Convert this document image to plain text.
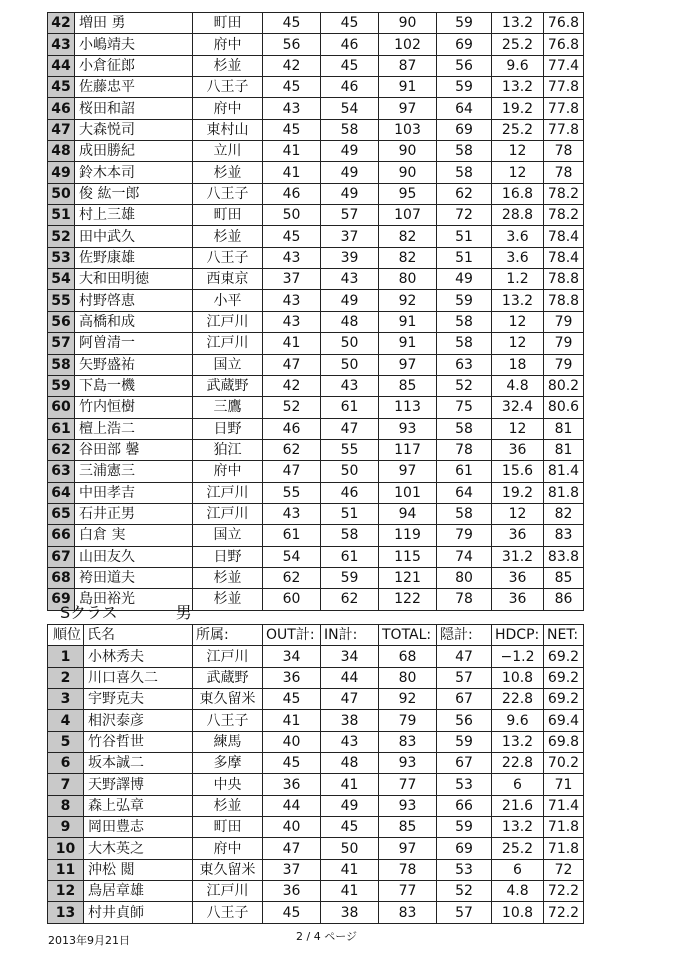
42	増田 勇	町田	45	45	90	59	13.2	76.8
43	小嶋靖夫	府中	56	46	102	69	25.2	76.8
44	小倉征郎	杉並	42	45	87	56	9.6	77.4
45	佐藤忠平	八王子	45	46	91	59	13.2	77.8
46	桜田和詔	府中	43	54	97	64	19.2	77.8
47	大森悦司	東村山	45	58	103	69	25.2	77.8
48	成田勝紀	立川	41	49	90	58	12	78
49	鈴木本司	杉並	41	49	90	58	12	78
50	俊 紘一郎	八王子	46	49	95	62	16.8	78.2
51	村上三雄	町田	50	57	107	72	28.8	78.2
52	田中武久	杉並	45	37	82	51	3.6	78.4
53	佐野康雄	八王子	43	39	82	51	3.6	78.4
54	大和田明徳	西東京	37	43	80	49	1.2	78.8
55	村野啓恵	小平	43	49	92	59	13.2	78.8
56	高橋和成	江戸川	43	48	91	58	12	79
57	阿曽清一	江戸川	41	50	91	58	12	79
58	矢野盛祐	国立	47	50	97	63	18	79
59	下島一機	武蔵野	42	43	85	52	4.8	80.2
60	竹内恒樹	三鷹	52	61	113	75	32.4	80.6
61	檀上浩二	日野	46	47	93	58	12	81
62	谷田部 馨	狛江	62	55	117	78	36	81
63	三浦憲三	府中	47	50	97	61	15.6	81.4
64	中田孝吉	江戸川	55	46	101	64	19.2	81.8
65	石井正男	江戸川	43	51	94	58	12	82
66	白倉 実	国立	61	58	119	79	36	83
67	山田友久	日野	54	61	115	74	31.2	83.8
68	袴田道夫	杉並	62	59	121	80	36	85
69	島田裕光	杉並	60	62	122	78	36	86
Sクラス	男
順位	氏名	所属:	OUT計:	IN計:	TOTAL:	隠計:	HDCP:	NET:
1	小林秀夫	江戸川	34	34	68	47	−1.2	69.2
2	川口喜久二	武蔵野	36	44	80	57	10.8	69.2
3	宇野克夫	東久留米	45	47	92	67	22.8	69.2
4	相沢泰彦	八王子	41	38	79	56	9.6	69.4
5	竹谷哲世	練馬	40	43	83	59	13.2	69.8
6	坂本誠二	多摩	45	48	93	67	22.8	70.2
7	天野譯博	中央	36	41	77	53	6	71
8	森上弘章	杉並	44	49	93	66	21.6	71.4
9	岡田豊志	町田	40	45	85	59	13.2	71.8
10	大木英之	府中	47	50	97	69	25.2	71.8
11	沖松 閲	東久留米	37	41	78	53	6	72
12	鳥居章雄	江戸川	36	41	77	52	4.8	72.2
13	村井貞師	八王子	45	38	83	57	10.8	72.2
2013年9月21日	2 / 4 ページ
